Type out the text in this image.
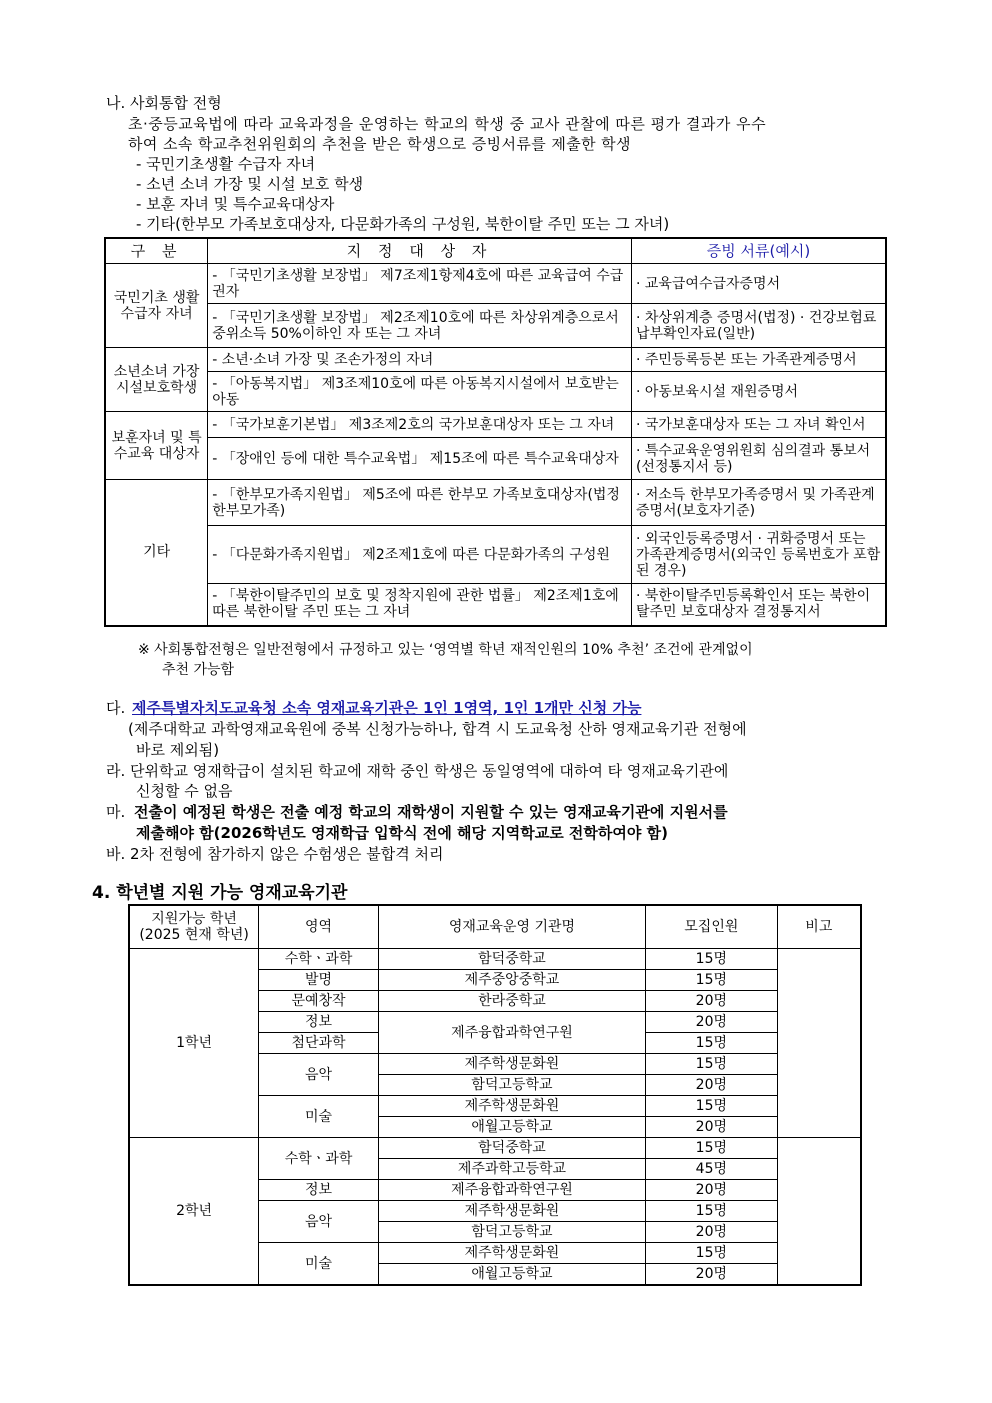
나. 사회통합 전형
초·중등교육법에 따라 교육과정을 운영하는 학교의 학생 중 교사 관찰에 따른 평가 결과가 우수
하여 소속 학교추천위원회의 추천을 받은 학생으로 증빙서류를 제출한 학생
- 국민기초생활 수급자 자녀
- 소년 소녀 가장 및 시설 보호 학생
- 보훈 자녀 및 특수교육대상자
- 기타(한부모 가족보호대상자, 다문화가족의 구성원, 북한이탈 주민 또는 그 자녀)
구 분	지 정 대 상 자	증빙 서류(예시)
국민기초 생활 수급자 자녀	- 「국민기초생활 보장법」 제7조제1항제4호에 따른 교육급여 수급권자	· 교육급여수급자증명서
	- 「국민기초생활 보장법」 제2조제10호에 따른 차상위계층으로서 중위소득 50%이하인 자 또는 그 자녀	· 차상위계층 증명서(법정) · 건강보험료 납부확인자료(일반)
소년소녀 가장 시설보호학생	- 소년·소녀 가장 및 조손가정의 자녀	· 주민등록등본 또는 가족관계증명서
	- 「아동복지법」 제3조제10호에 따른 아동복지시설에서 보호받는 아동	· 아동보육시설 재원증명서
보훈자녀 및 특수교육 대상자	- 「국가보훈기본법」 제3조제2호의 국가보훈대상자 또는 그 자녀	· 국가보훈대상자 또는 그 자녀 확인서
	- 「장애인 등에 대한 특수교육법」 제15조에 따른 특수교육대상자	· 특수교육운영위원회 심의결과 통보서(선정통지서 등)
기타	- 「한부모가족지원법」 제5조에 따른 한부모 가족보호대상자(법정 한부모가족)	· 저소득 한부모가족증명서 및 가족관계증명서(보호자기준)
	- 「다문화가족지원법」 제2조제1호에 따른 다문화가족의 구성원	· 외국인등록증명서 · 귀화증명서 또는 가족관계증명서(외국인 등록번호가 포함된 경우)
	- 「북한이탈주민의 보호 및 정착지원에 관한 법률」 제2조제1호에 따른 북한이탈 주민 또는 그 자녀	· 북한이탈주민등록확인서 또는 북한이탈주민 보호대상자 결정통지서
※ 사회통합전형은 일반전형에서 규정하고 있는 ‘영역별 학년 재적인원의 10% 추천’ 조건에 관계없이
추천 가능함
다. 제주특별자치도교육청 소속 영재교육기관은 1인 1영역, 1인 1개만 신청 가능
(제주대학교 과학영재교육원에 중복 신청가능하나, 합격 시 도교육청 산하 영재교육기관 전형에
바로 제외됨)
라. 단위학교 영재학급이 설치된 학교에 재학 중인 학생은 동일영역에 대하여 타 영재교육기관에
신청할 수 없음
마. 전출이 예정된 학생은 전출 예정 학교의 재학생이 지원할 수 있는 영재교육기관에 지원서를
제출해야 함(2026학년도 영재학급 입학식 전에 해당 지역학교로 전학하여야 함)
바. 2차 전형에 참가하지 않은 수험생은 불합격 처리
4. 학년별 지원 가능 영재교육기관
지원가능 학년 (2025 현재 학년)	영역	영재교육운영 기관명	모집인원	비고
1학년	수학ㆍ과학	함덕중학교	15명	
	발명	제주중앙중학교	15명	
	문예창작	한라중학교	20명	
	정보	제주융합과학연구원	20명	
	첨단과학		15명	
	음악	제주학생문화원	15명	
		함덕고등학교	20명	
	미술	제주학생문화원	15명	
		애월고등학교	20명	
2학년	수학ㆍ과학	함덕중학교	15명	
		제주과학고등학교	45명	
	정보	제주융합과학연구원	20명	
	음악	제주학생문화원	15명	
		함덕고등학교	20명	
	미술	제주학생문화원	15명	
		애월고등학교	20명	
